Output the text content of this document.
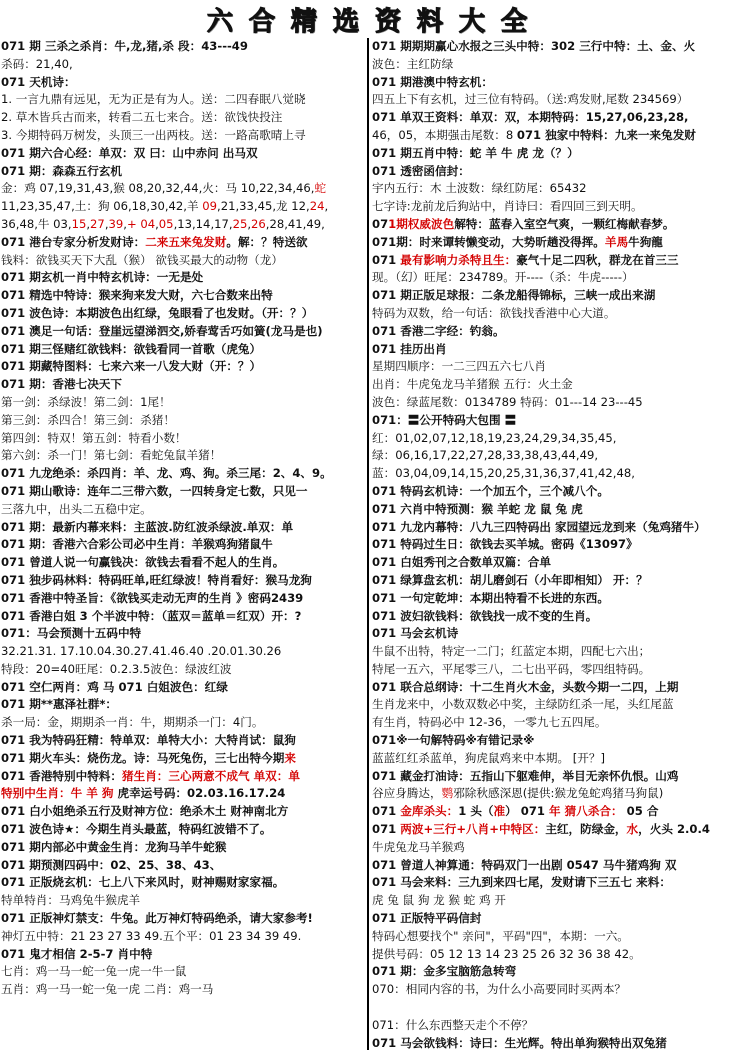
六 合 精 选 资 料 大 全
071 期 三杀之杀肖：牛,龙,猪,杀 段：43---49
杀码：21,40,
071 天机诗：
1. 一言九鼎有远见，无为正是有为人。送：二四春眠八觉晓
2. 草木皆兵古而来，转看二五七来合。送：欲饯快投注
3. 今期特码万树发，头顶三一出两枝。送：一路高歌晴上寻
071 期六合心经：单双：双 曰：山中赤问 出马双
071 期：森森五行玄机
金：鸡 07,19,31,43,猴 08,20,32,44,火：马 10,22,34,46,蛇
11,23,35,47,土：狗 06,18,30,42,羊 09,21,33,45,龙 12,24,
36,48,牛 03,15,27,39,+ 04,05,13,14,17,25,26,28,41,49,
071 港台专家分析发财诗：二来五来兔发财。解：？特送欲
钱料：欲钱买天下大乱（猴） 欲钱买最大的动物（龙）
071 期玄机一肖中特玄机诗：一无是处
071 精选中特诗：猴来狗来发大财，六七合数来出特
071 波色诗：本期波色出红绿，兔眼看了也发财。（开：？）
071 澳足一句话：登崖远望涕泗交,娇春莺舌巧如簧(龙马是也)
071 期三怪赌红欲钱料：欲钱看同一首歌（虎兔）
071 期藏特图料：七来六来一八发大财（开：？）
071 期：香港七决天下
第一剑：杀绿波！第二剑：1尾！
第三剑：杀四合！第三剑：杀猪！
第四剑：特双！第五剑：特看小数！
第六剑：杀一门！第七剑：看蛇兔鼠羊猪！
071 九龙绝杀：杀四肖：羊、龙、鸡、狗。杀三尾：2、4、9。
071 期山歌诗：连年二三带六数，一四转身定七数，只见一
三落九中，出头二五稳中定。
071 期：最新内幕来料：主蓝波.防红波杀绿波.单双：单
071 期：香港六合彩公司必中生肖：羊猴鸡狗猪鼠牛
071 曾道人说一句赢钱决：欲钱去看看不起人的生肖。
071 独步码林料：特码旺单,旺红绿波！特肖看好：猴马龙狗
071 香港中特圣旨：《欲钱买走动无声的生肖 》密码2439
071 香港白姐 3 个半波中特：（蓝双＝蓝单＝红双）开：?
071：马会预测十五码中特
32.21.31. 17.10.04.30.27.41.46.40 .20.01.30.26
特段：20=40旺尾：0.2.3.5波色：绿波红波
071 空仁两肖：鸡 马 071 白姐波色：红绿
071 期**惠泽社群*：
杀一局：金，期期杀一肖：牛，期期杀一门：4门。
071 我为特码狂精：特单双：单特大小：大特肖试：鼠狗
071 期火车头：烧伤龙。诗：马死兔伤，三七出特今期来
071 香港特别中特料：猪生肖：三心两意不成气 单双：单
特别中生肖：牛 羊 狗 虎幸运号码：02.03.16.17.24
071 白小姐绝杀五行及财神方位：绝杀木土 财神南北方
071 波色诗★：今期生肖头最蓝，特码红波错不了。
071 期内部必中黄金生肖：龙狗马羊牛蛇猴
071 期预测四码中：02、25、38、43、
071 正版烧玄机：七上八下来风时，财神赐财家家福。
特单特肖：马鸡兔牛猴虎羊
071 正版神灯禁支：牛兔。此万神灯特码绝杀，请大家参考!
神灯五中特：21 23 27 33 49.五个平：01 23 34 39 49.
071 鬼才相信 2-5-7 肖中特
七肖：鸡一马一蛇一兔一虎一牛一鼠
五肖：鸡一马一蛇一兔一虎 二肖：鸡一马
071 期期期赢心水报之三头中特：302 三行中特：土、金、火
波色：主红防绿
071 期港澳中特玄机：
四五上下有玄机，过三位有特码。（送:鸡发财,尾数 234569）
071 单双王资料：单双：双，本期特码：15,27,06,23,28,
46，05，本期强击尾数：8 071 独家中特料：九来一来兔发财
071 期五肖中特：蛇 羊 牛 虎 龙（？）
071 透密函信封：
宇内五行：木 土波数：绿红防尾：65432
七字诗:龙前龙后狗站中，肖诗曰：看四回三到天明。
071期权威波色解特：蓝春入室空气爽，一颗红梅献春梦。
071期：时来谭转懒变动，大势昕趟没得挥。羊馬牛狗龍
071 最有影响力杀特且生：豪气十足二四秋，群龙在首三三
现。（幻）旺尾：234789。开----（杀：牛虎-----）
071 期正版足球报：二条龙船得锦标，三峡一成出来湖
特码为双数，给一句话：欲钱找香港中心大道。
071 香港二字经：钓翁。
071 挂历出肖
星期四顺序：一二三四五六七八肖
出肖：牛虎兔龙马羊猪猴 五行：火土金
波色：绿蓝尾数：0134789 特码：01---14 23---45
071：〓公开特码大包围 〓
红：01,02,07,12,18,19,23,24,29,34,35,45,
绿：06,16,17,22,27,28,33,38,43,44,49,
蓝：03,04,09,14,15,20,25,31,36,37,41,42,48,
071 特码玄机诗：一个加五个，三个减八个。
071 六肖中特预测：猴 羊蛇 龙 鼠 兔 虎
071 九龙内幕特：八九三四特码出 家园望远龙到来（兔鸡猪牛）
071 特码过生日：欲钱去买羊城。密码《13097》
071 白姐秀刊之合数单双篇：合单
071 绿算盘玄机：胡儿磨剑石（小年即相知） 开：？
071 一句定乾坤：本期出特看不长进的东西。
071 波妇欲钱料：欲钱找一成不变的生肖。
071 马会玄机诗
牛鼠不出特，特定一二门；红蓝定本期，四配七六出；
特尾一五六，平尾零三八，二七出平码，零四组特码。
071 联合总纲诗：十二生肖火木金，头数今期一二四，上期
生肖龙来中，小数双数必中奖，主绿防红杀一尾，头红尾蓝
有生肖，特码必中 12-36，一零九七五四尾。
071※一句解特码※有错记录※
蓝蓝红红杀蓝单，狗虎鼠鸡来中本期。 [开？]
071 藏金打油诗：五指山下躯难伸，举目无亲怀仇恨。山鸡
谷应身腾达，鹦邪除秋感深恩(提供:猴龙兔蛇鸡猪马狗鼠)
071 金库杀头：1 头（准） 071 年 猜八杀合： 05 合
071 两波+三行+八肖+中特区：主红，防绿金，水，火头 2.0.4
牛虎兔龙马羊猴鸡
071 曾道人神算通：特码双门一出剧 0547 马牛猪鸡狗 双
071 马会来料：三九到来四七尾，发财请下三五七 来料：
虎 兔 鼠 狗 龙 猴 蛇 鸡 开
071 正版特平码信封
特码心想要找个" 亲问"，平码"四"，本期：一六。
提供号码：05 12 13 14 23 25 26 32 36 38 42。
071 期：金多宝脑筋急转弯
070：相同内容的书，为什么小高要同时买两本？
071：什么东西整天走个不停？
071 马会欲钱料：诗曰：生光辉。特出单狗猴特出双兔猪
